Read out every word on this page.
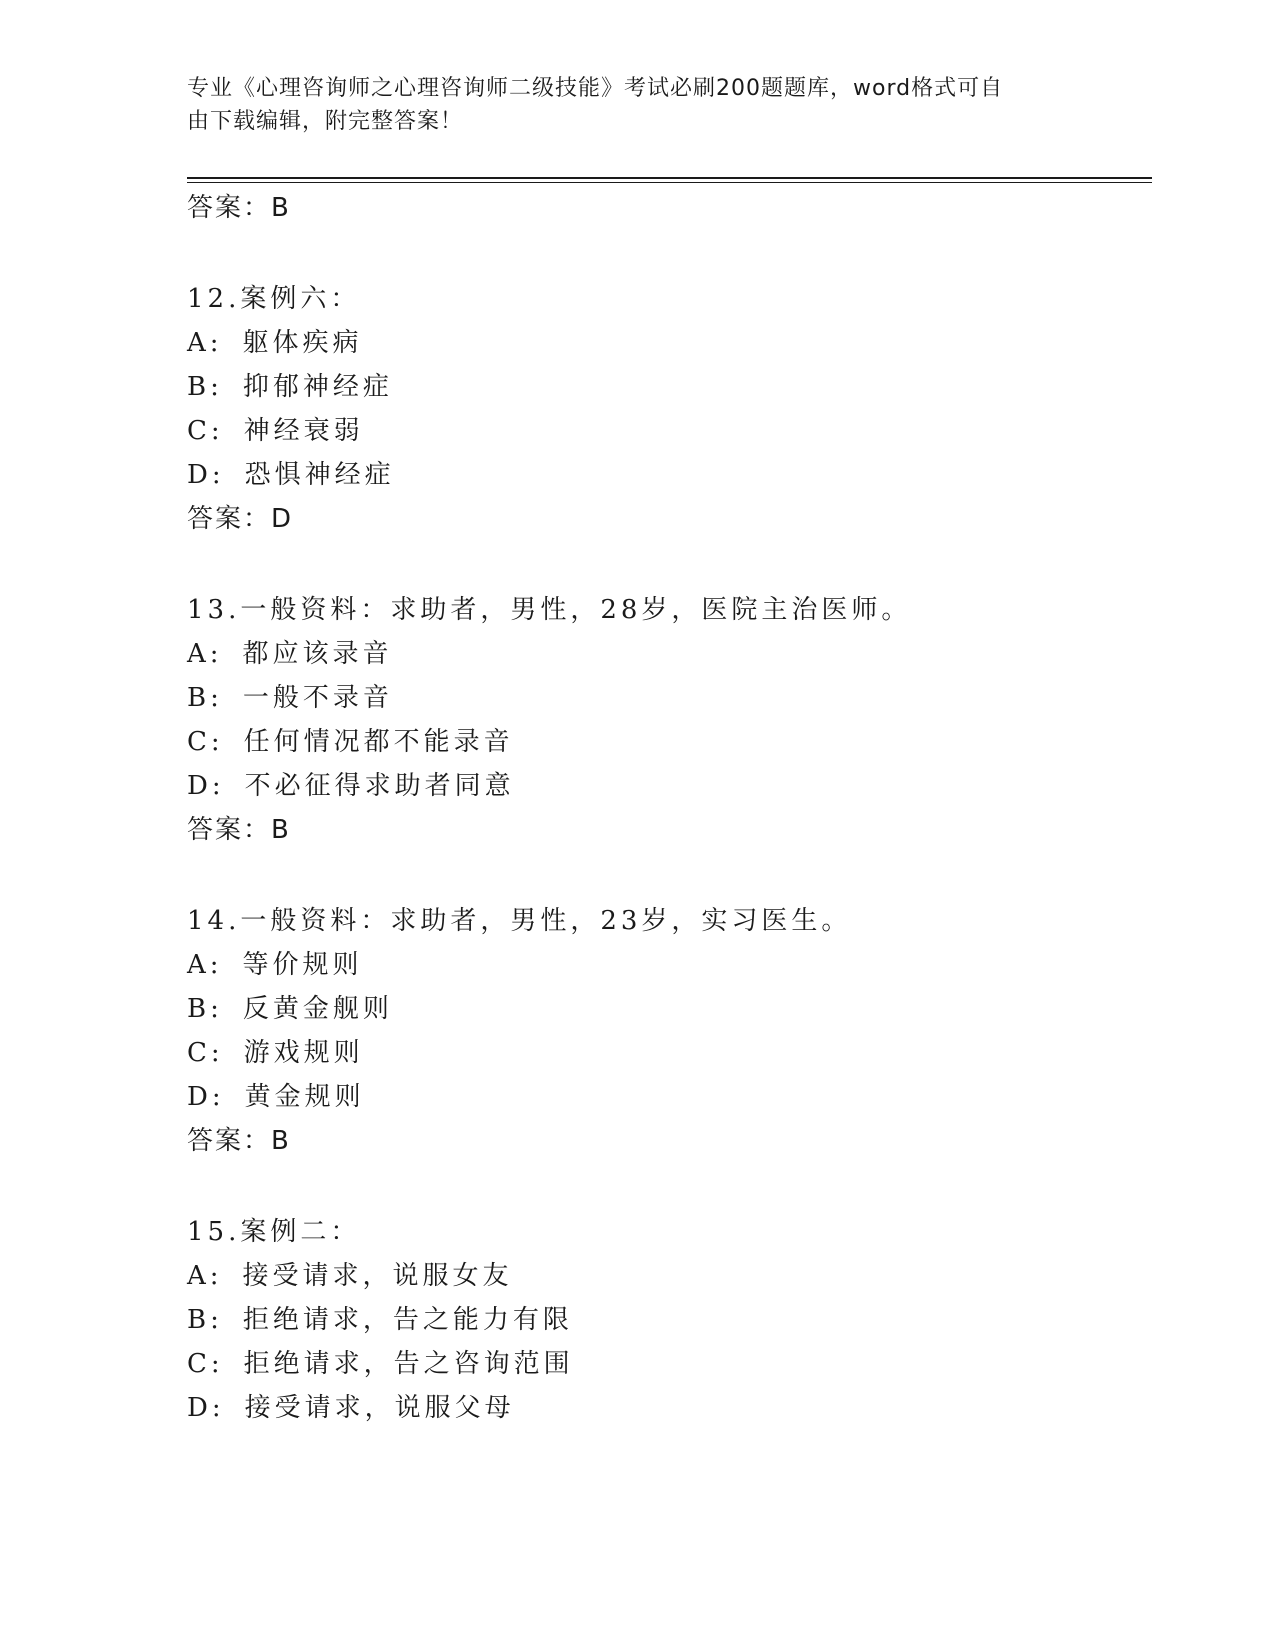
专业《心理咨询师之心理咨询师二级技能》考试必刷200题题库，word格式可自
由下载编辑，附完整答案！
答案：B
12.案例六：
A: 躯体疾病
B: 抑郁神经症
C: 神经衰弱
D: 恐惧神经症
答案：D
13.一般资料：求助者，男性，28岁，医院主治医师。
A: 都应该录音
B: 一般不录音
C: 任何情况都不能录音
D: 不必征得求助者同意
答案：B
14.一般资料：求助者，男性，23岁，实习医生。
A: 等价规则
B: 反黄金舰则
C: 游戏规则
D: 黄金规则
答案：B
15.案例二：
A: 接受请求，说服女友
B: 拒绝请求，告之能力有限
C: 拒绝请求，告之咨询范围
D: 接受请求，说服父母
